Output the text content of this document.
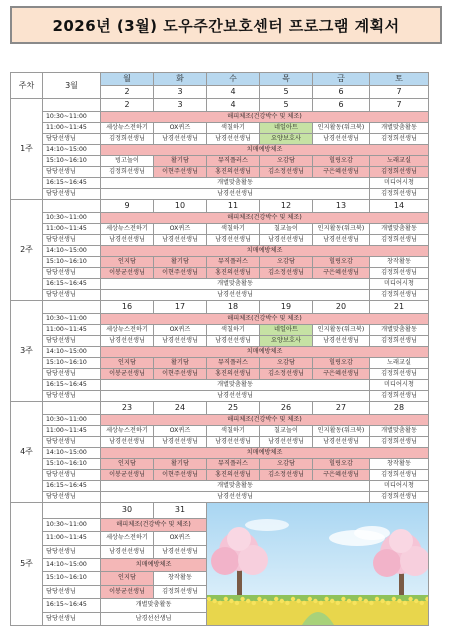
2026년 (3월) 도우주간보호센터 프로그램 계획서
주차	3월	월	화	수	목	금	토
		2	3	4	5	6	7
1주		2	3	4	5	6	7
	10:30~11:00	해피체조(건강박수 및 체조)					
	11:00~11:45	세상뉴스전하기	OX퀴즈	색칠하기	네일아트	인지활동(워크북)	개별맞춤활동
	담당선생님	김정희선생님	남경선선생님	남경선선생님	요양보호사	남경선선생님	김정희선생님
	14:10~15:00	치매예방체조					
	15:10~16:10	빙고놀이	활기담	뮤직플러스	오감담	힐링오감	노래교실
	담당선생님	김정희선생님	이현주선생님	홍진의선생님	김소정선생님	구은혜선생님	김정희선생님
	16:15~16:45	개별맞춤활동					미디어시청
	담당선생님	남경선선생님					김정희선생님
2주		9	10	11	12	13	14
	10:30~11:00	해피체조(건강박수 및 체조)					
	11:00~11:45	세상뉴스전하기	OX퀴즈	색칠하기	칠교놀이	인지활동(워크북)	개별맞춤활동
	담당선생님	남경선선생님	남경선선생님	남경선선생님	남경선선생님	남경선선생님	김정희선생님
	14:10~15:00	치매예방체조					
	15:10~16:10	인지담	활기담	뮤직플러스	오감담	힐링오감	창작활동
	담당선생님	이봉균선생님	이현주선생님	홍진의선생님	김소정선생님	구은혜선생님	김정희선생님
	16:15~16:45	개별맞춤활동					미디어시청
	담당선생님	남경선선생님					김정희선생님
3주		16	17	18	19	20	21
	10:30~11:00	해피체조(건강박수 및 체조)					
	11:00~11:45	세상뉴스전하기	OX퀴즈	색칠하기	네일아트	인지활동(워크북)	개별맞춤활동
	담당선생님	남경선선생님	남경선선생님	남경선선생님	요양보호사	남경선선생님	김정희선생님
	14:10~15:00	치매예방체조					
	15:10~16:10	인지담	활기담	뮤직플러스	오감담	힐링오감	노래교실
	담당선생님	이봉균선생님	이현주선생님	홍진의선생님	김소정선생님	구은혜선생님	김정희선생님
	16:15~16:45	개별맞춤활동					미디어시청
	담당선생님	남경선선생님					김정희선생님
4주		23	24	25	26	27	28
	10:30~11:00	해피체조(건강박수 및 체조)					
	11:00~11:45	세상뉴스전하기	OX퀴즈	색칠하기	칠교놀이	인지활동(워크북)	개별맞춤활동
	담당선생님	남경선선생님	남경선선생님	남경선선생님	남경선선생님	남경선선생님	김정희선생님
	14:10~15:00	치매예방체조					
	15:10~16:10	인지담	활기담	뮤직플러스	오감담	힐링오감	창작활동
	담당선생님	이봉균선생님	이현주선생님	홍진의선생님	김소정선생님	구은혜선생님	김정희선생님
	16:15~16:45	개별맞춤활동					미디어시청
	담당선생님	남경선선생님					김정희선생님
5주		30	31	

	10:30~11:00	해피체조(건강박수 및 체조)					
	11:00~11:45	세상뉴스전하기	OX퀴즈				
	담당선생님	남경선선생님	남경선선생님				
	14:10~15:00	치매예방체조					
	15:10~16:10	인지담	창작활동				
	담당선생님	이봉균선생님	김정희선생님				
	16:15~16:45	개별맞춤활동					
	담당선생님	남경선선생님					
